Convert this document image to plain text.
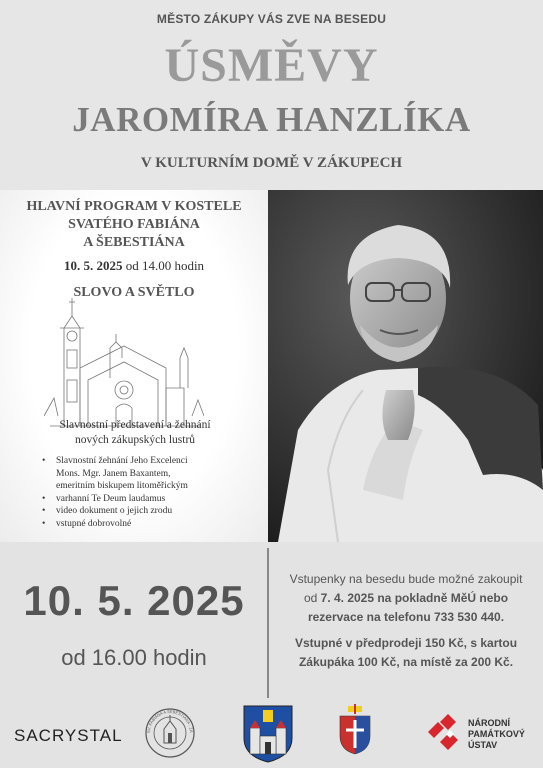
MĚSTO ZÁKUPY VÁS ZVE NA BESEDU
ÚSMĚVY
JAROMÍRA HANZLÍKA
V KULTURNÍM DOMĚ V ZÁKUPECH
HLAVNÍ PROGRAM V KOSTELE
SVATÉHO FABIÁNA
A ŠEBESTIÁNA
10. 5. 2025 od 14.00 hodin
SLOVO A SVĚTLO
Slavnostní představení a žehnání
nových zákupských lustrů
• Slavnostní žehnání Jeho Excelenci
Mons. Mgr. Janem Baxantem,
emeritním biskupem litoměřickým
• varhanní Te Deum laudamus
• video dokument o jejich zrodu
• vstupné dobrovolné
10. 5. 2025
od 16.00 hodin
Vstupenky na besedu bude možné zakoupit
od 7. 4. 2025 na pokladně MěÚ nebo
rezervace na telefonu 733 530 440.
Vstupné v předprodeji 150 Kč, s kartou
Zákupáka 100 Kč, na místě za 200 Kč.
SACRYSTAL	SV. FABIÁNA A ŠEBESTIÁNA · ZÁ
NÁRODNÍ
PAMÁTKOVÝ
ÚSTAV
